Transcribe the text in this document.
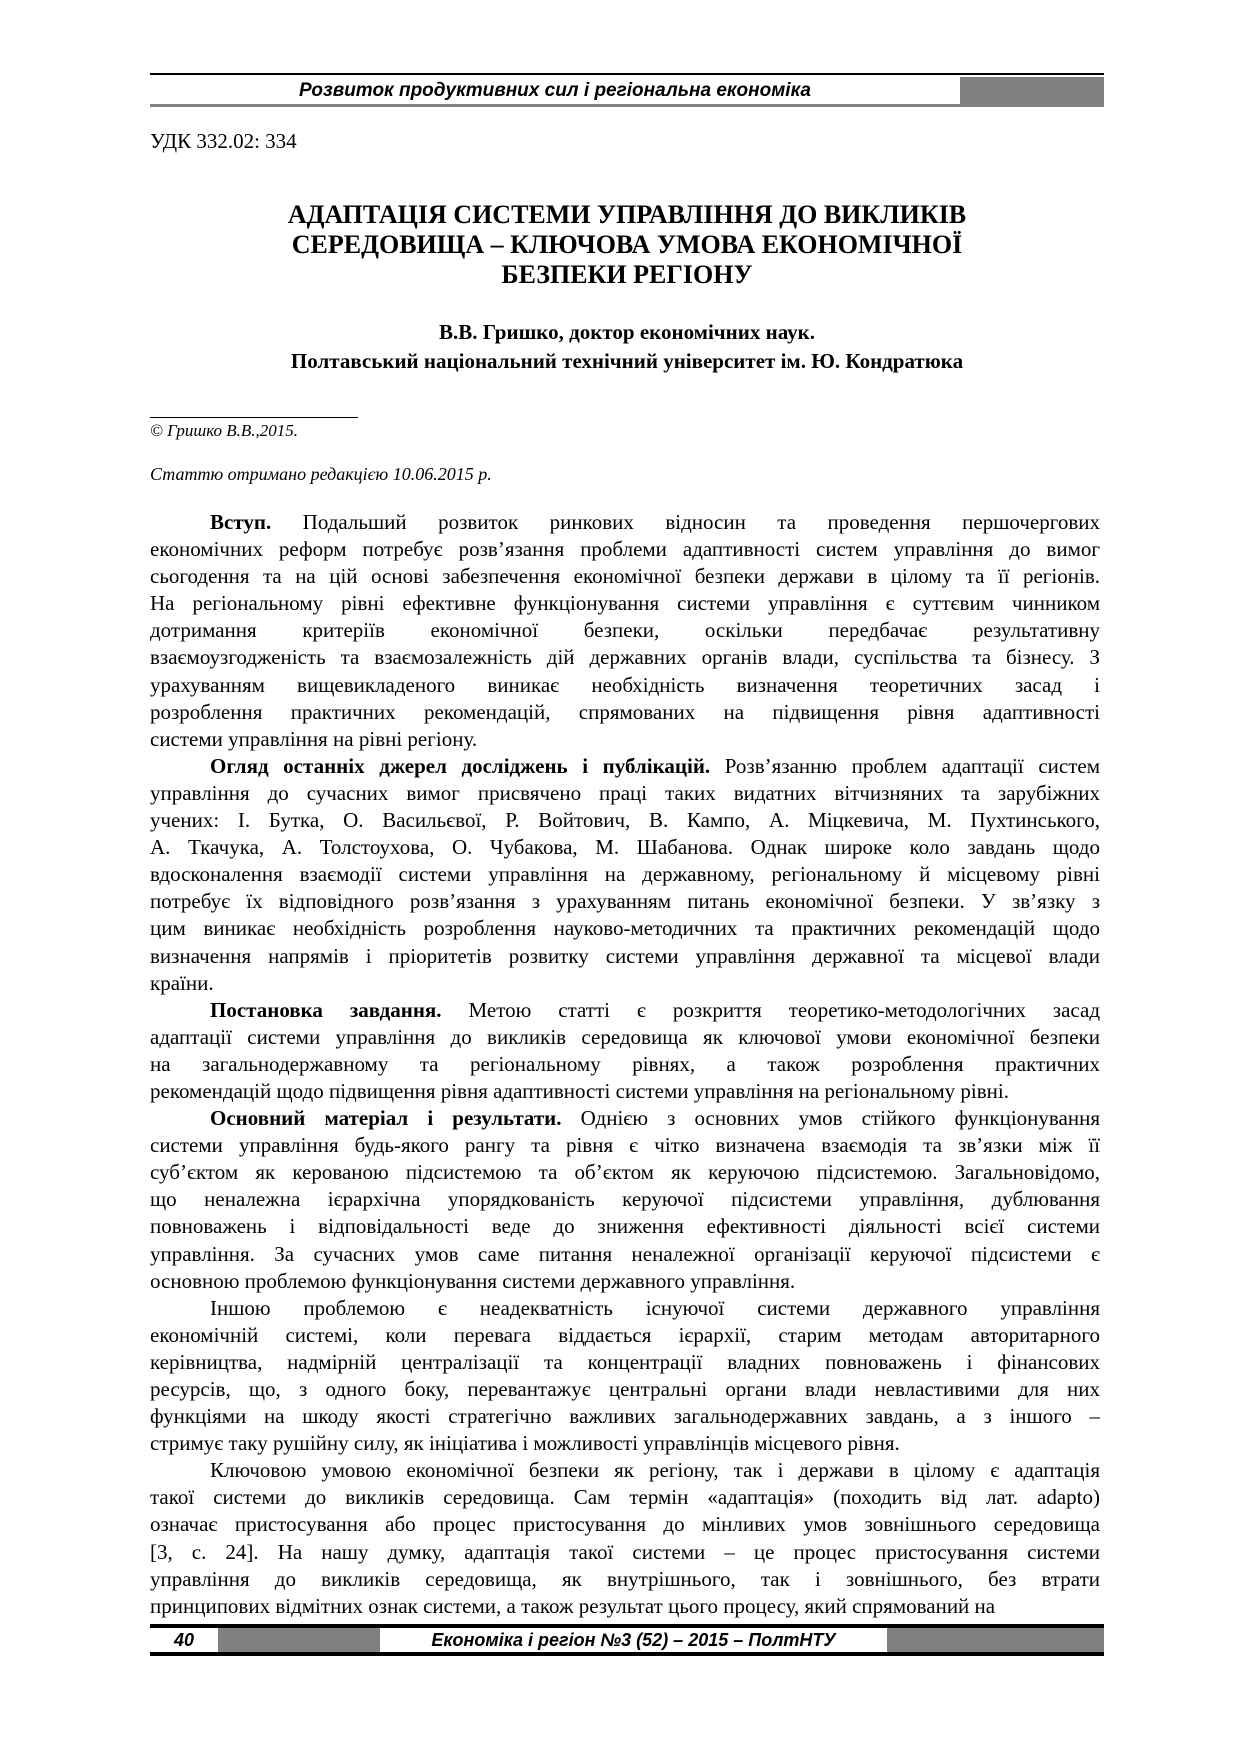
Розвиток продуктивних сил і регіональна економіка
УДК 332.02: 334
АДАПТАЦІЯ СИСТЕМИ УПРАВЛІННЯ ДО ВИКЛИКІВ
СЕРЕДОВИЩА – КЛЮЧОВА УМОВА ЕКОНОМІЧНОЇ
БЕЗПЕКИ РЕГІОНУ
В.В. Гришко, доктор економічних наук.
Полтавський національний технічний університет ім. Ю. Кондратюка
© Гришко В.В.,2015.
Статтю отримано редакцією 10.06.2015 р.
Вступ. Подальший розвиток ринкових відносин та проведення першочергових
економічних реформ потребує розв’язання проблеми адаптивності систем управління до вимог
сьогодення та на цій основі забезпечення економічної безпеки держави в цілому та її регіонів.
На регіональному рівні ефективне функціонування системи управління є суттєвим чинником
дотримання критеріїв економічної безпеки, оскільки передбачає результативну
взаємоузгодженість та взаємозалежність дій державних органів влади, суспільства та бізнесу. З
урахуванням вищевикладеного виникає необхідність визначення теоретичних засад і
розроблення практичних рекомендацій, спрямованих на підвищення рівня адаптивності
системи управління на рівні регіону.
Огляд останніх джерел досліджень і публікацій. Розв’язанню проблем адаптації систем
управління до сучасних вимог присвячено праці таких видатних вітчизняних та зарубіжних
учених: І. Бутка, О. Васильєвої, Р. Войтович, В. Кампо, А. Міцкевича, М. Пухтинського,
А. Ткачука, А. Толстоухова, О. Чубакова, М. Шабанова. Однак широке коло завдань щодо
вдосконалення взаємодії системи управління на державному, регіональному й місцевому рівні
потребує їх відповідного розв’язання з урахуванням питань економічної безпеки. У зв’язку з
цим виникає необхідність розроблення науково-методичних та практичних рекомендацій щодо
визначення напрямів і пріоритетів розвитку системи управління державної та місцевої влади
країни.
Постановка завдання. Метою статті є розкриття теоретико-методологічних засад
адаптації системи управління до викликів середовища як ключової умови економічної безпеки
на загальнодержавному та регіональному рівнях, а також розроблення практичних
рекомендацій щодо підвищення рівня адаптивності системи управління на регіональному рівні.
Основний матеріал і результати. Однією з основних умов стійкого функціонування
системи управління будь-якого рангу та рівня є чітко визначена взаємодія та зв’язки між її
суб’єктом як керованою підсистемою та об’єктом як керуючою підсистемою. Загальновідомо,
що неналежна ієрархічна упорядкованість керуючої підсистеми управління, дублювання
повноважень і відповідальності веде до зниження ефективності діяльності всієї системи
управління. За сучасних умов саме питання неналежної організації керуючої підсистеми є
основною проблемою функціонування системи державного управління.
Іншою проблемою є неадекватність існуючої системи державного управління
економічній системі, коли перевага віддається ієрархії, старим методам авторитарного
керівництва, надмірній централізації та концентрації владних повноважень і фінансових
ресурсів, що, з одного боку, перевантажує центральні органи влади невластивими для них
функціями на шкоду якості стратегічно важливих загальнодержавних завдань, а з іншого –
стримує таку рушійну силу, як ініціатива і можливості управлінців місцевого рівня.
Ключовою умовою економічної безпеки як регіону, так і держави в цілому є адаптація
такої системи до викликів середовища. Сам термін «адаптація» (походить від лат. adapto)
означає пристосування або процес пристосування до мінливих умов зовнішнього середовища
[3, с. 24]. На нашу думку, адаптація такої системи – це процес пристосування системи
управління до викликів середовища, як внутрішнього, так і зовнішнього, без втрати
принципових відмітних ознак системи, а також результат цього процесу, який спрямований на
40	Економіка і регіон №3 (52) – 2015 – ПолтНТУ
